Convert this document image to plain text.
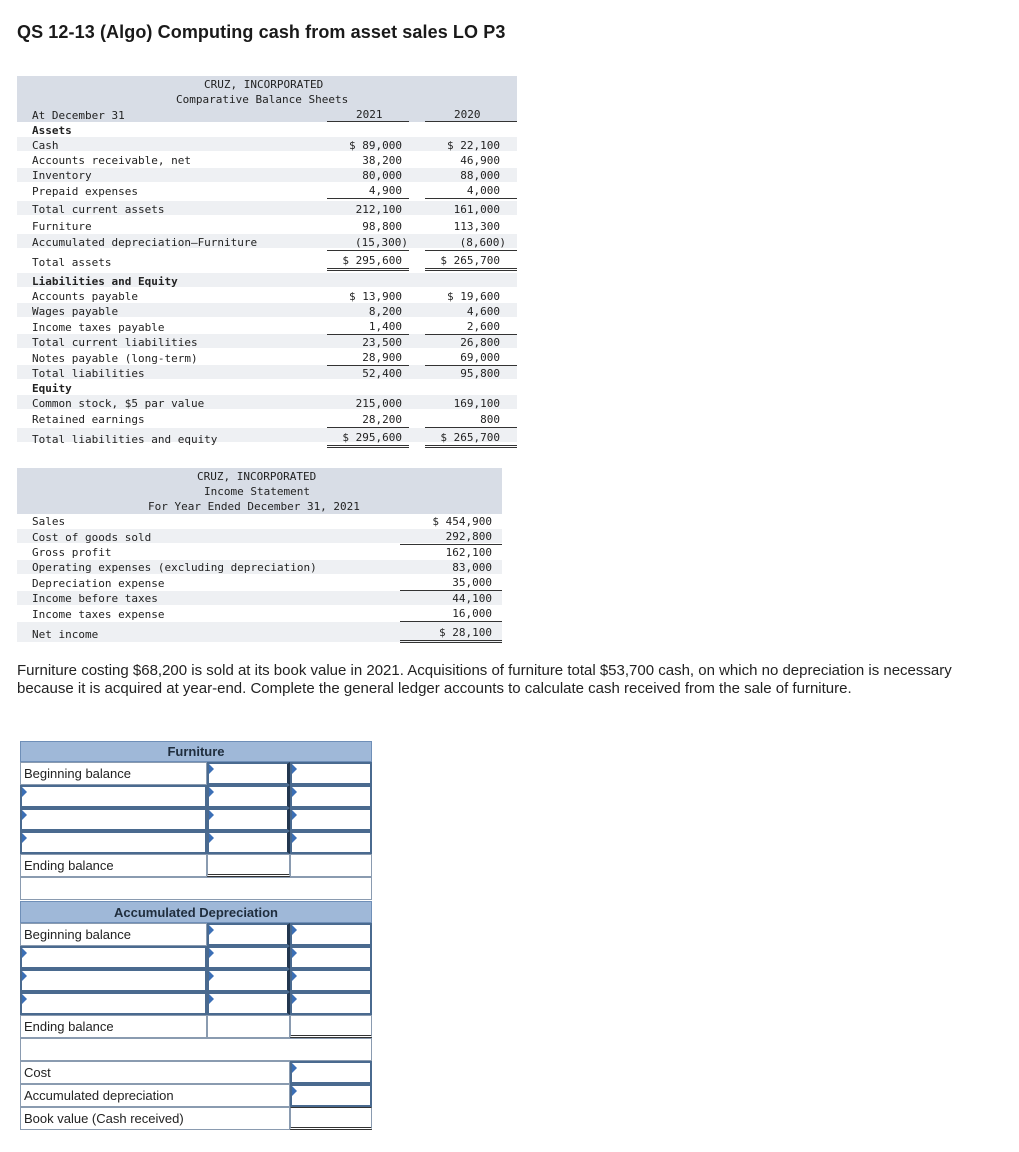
QS 12-13 (Algo) Computing cash from asset sales LO P3
CRUZ, INCORPORATED
Comparative Balance Sheets
At December 31	2021	2020
Assets
Cash	$ 89,000	$ 22,100
Accounts receivable, net	38,200	46,900
Inventory	80,000	88,000
Prepaid expenses	4,900	4,000
Total current assets	212,100	161,000
Furniture	98,800	113,300
Accumulated depreciation—Furniture	(15,300)	(8,600)
Total assets	$ 295,600	$ 265,700
Liabilities and Equity
Accounts payable	$ 13,900	$ 19,600
Wages payable	8,200	4,600
Income taxes payable	1,400	2,600
Total current liabilities	23,500	26,800
Notes payable (long-term)	28,900	69,000
Total liabilities	52,400	95,800
Equity
Common stock, $5 par value	215,000	169,100
Retained earnings	28,200	800
Total liabilities and equity	$ 295,600	$ 265,700
CRUZ, INCORPORATED
Income Statement
For Year Ended December 31, 2021
Sales	$ 454,900
Cost of goods sold	292,800
Gross profit	162,100
Operating expenses (excluding depreciation)	83,000
Depreciation expense	35,000
Income before taxes	44,100
Income taxes expense	16,000
Net income	$ 28,100
Furniture costing $68,200 is sold at its book value in 2021. Acquisitions of furniture total $53,700 cash, on which no depreciation is necessary because it is acquired at year-end. Complete the general ledger accounts to calculate cash received from the sale of furniture.
Furniture
Beginning balance
Ending balance
Accumulated Depreciation
Beginning balance
Ending balance
Cost
Accumulated depreciation
Book value (Cash received)
